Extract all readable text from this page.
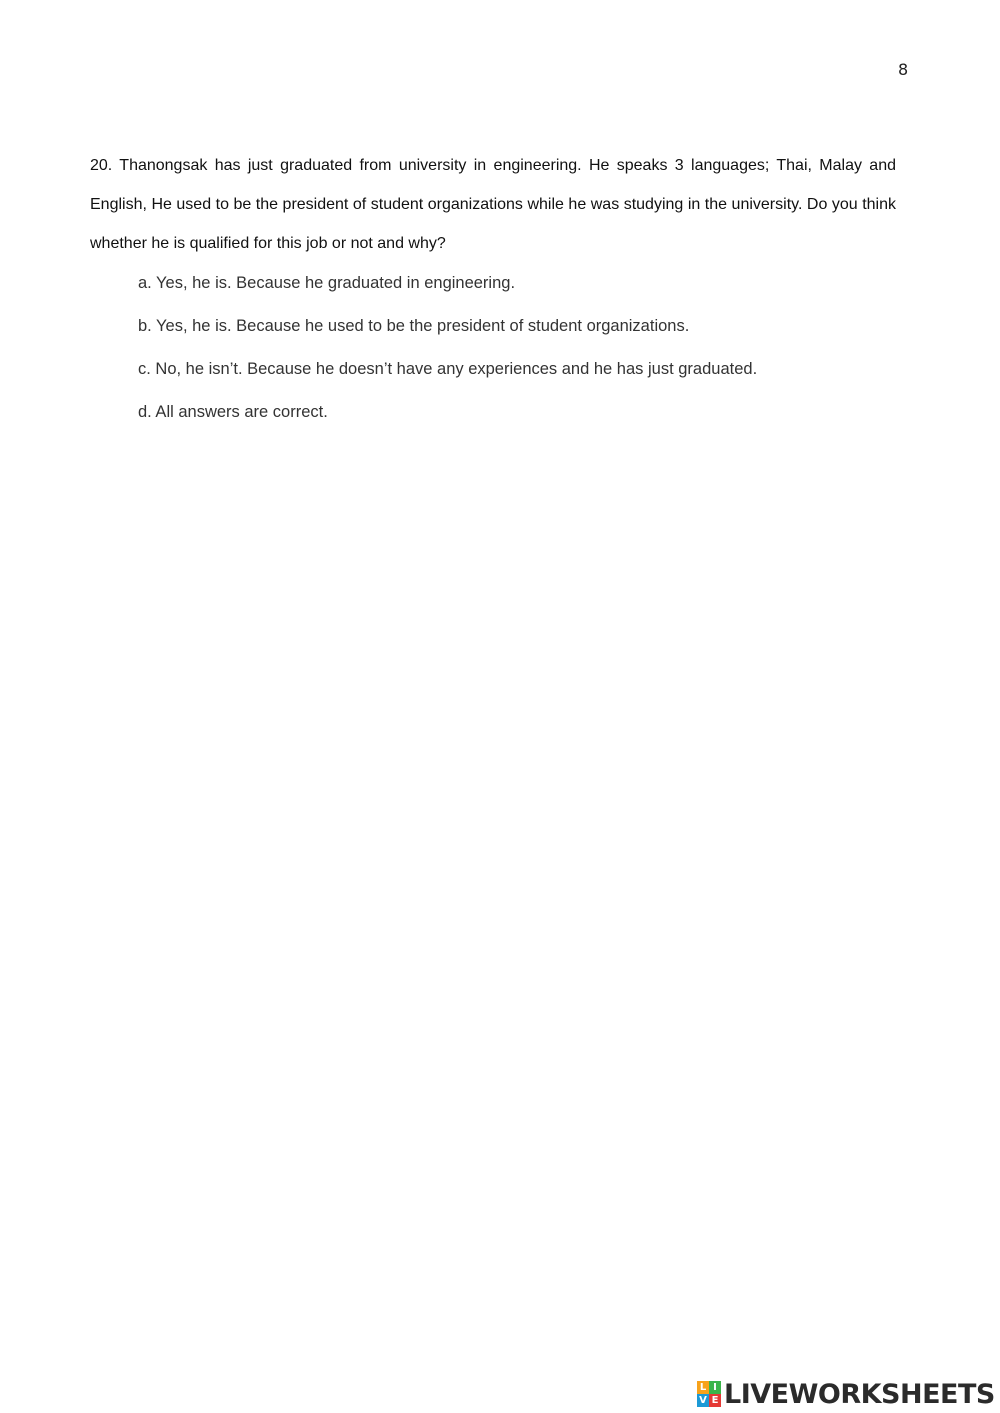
8
20. Thanongsak has just graduated from university in engineering. He speaks 3 languages; Thai, Malay and English, He used to be the president of student organizations while he was studying in the university. Do you think whether he is qualified for this job or not and why?
a. Yes, he is. Because he graduated in engineering.
b. Yes, he is. Because he used to be the president of student organizations.
c. No, he isn’t. Because he doesn’t have any experiences and he has just graduated.
d. All answers are correct.
L I
V E LIVEWORKSHEETS
